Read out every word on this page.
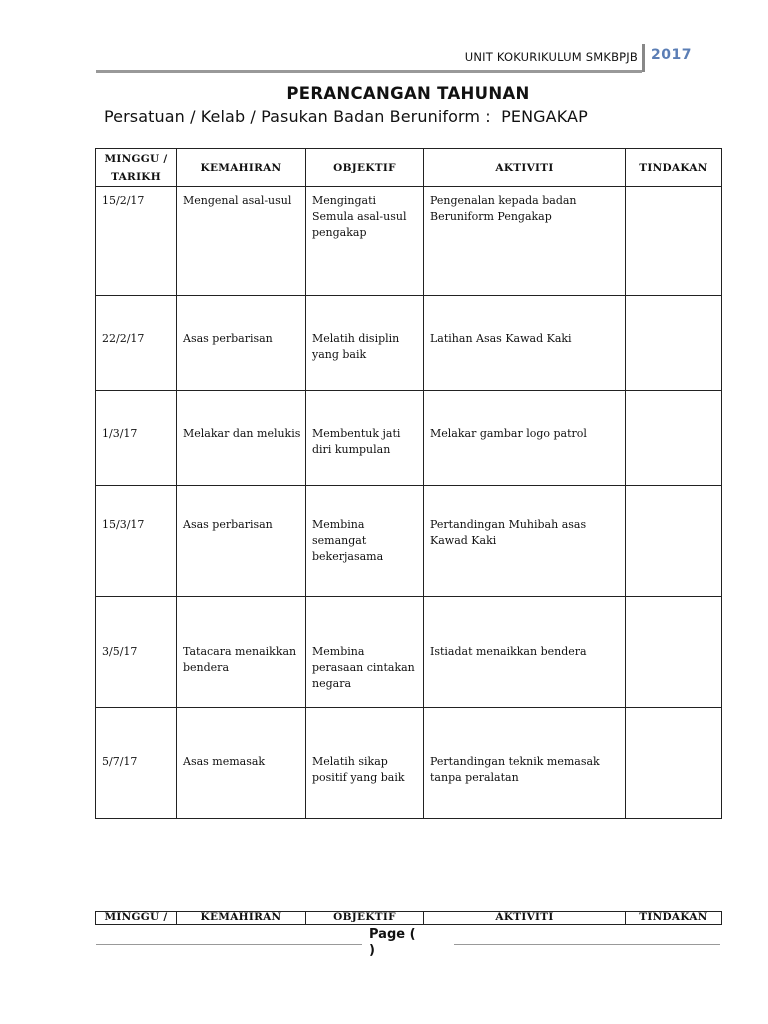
UNIT KOKURIKULUM SMKBPJB 2017
PERANCANGAN TAHUNAN
Persatuan / Kelab / Pasukan Badan Beruniform :  PENGAKAP
MINGGU /
TARIKH	KEMAHIRAN	OBJEKTIF	AKTIVITI	TINDAKAN

15/2/17	Mengenal asal-usul	Mengingati Semula asal-usul pengakap	Pengenalan kepada badan Beruniform Pengakap	

22/2/17	Asas perbarisan	Melatih disiplin yang baik	Latihan Asas Kawad Kaki	

1/3/17	Melakar dan melukis	Membentuk jati diri kumpulan	Melakar gambar logo patrol	

15/3/17	Asas perbarisan	Membina semangat bekerjasama	Pertandingan Muhibah asas Kawad Kaki	

3/5/17	Tatacara menaikkan bendera	Membina perasaan cintakan negara	Istiadat menaikkan bendera	

5/7/17	Asas memasak	Melatih sikap positif yang baik	Pertandingan teknik memasak tanpa peralatan	

MINGGU /	KEMAHIRAN	OBJEKTIF	AKTIVITI	TINDAKAN
Page (
)
